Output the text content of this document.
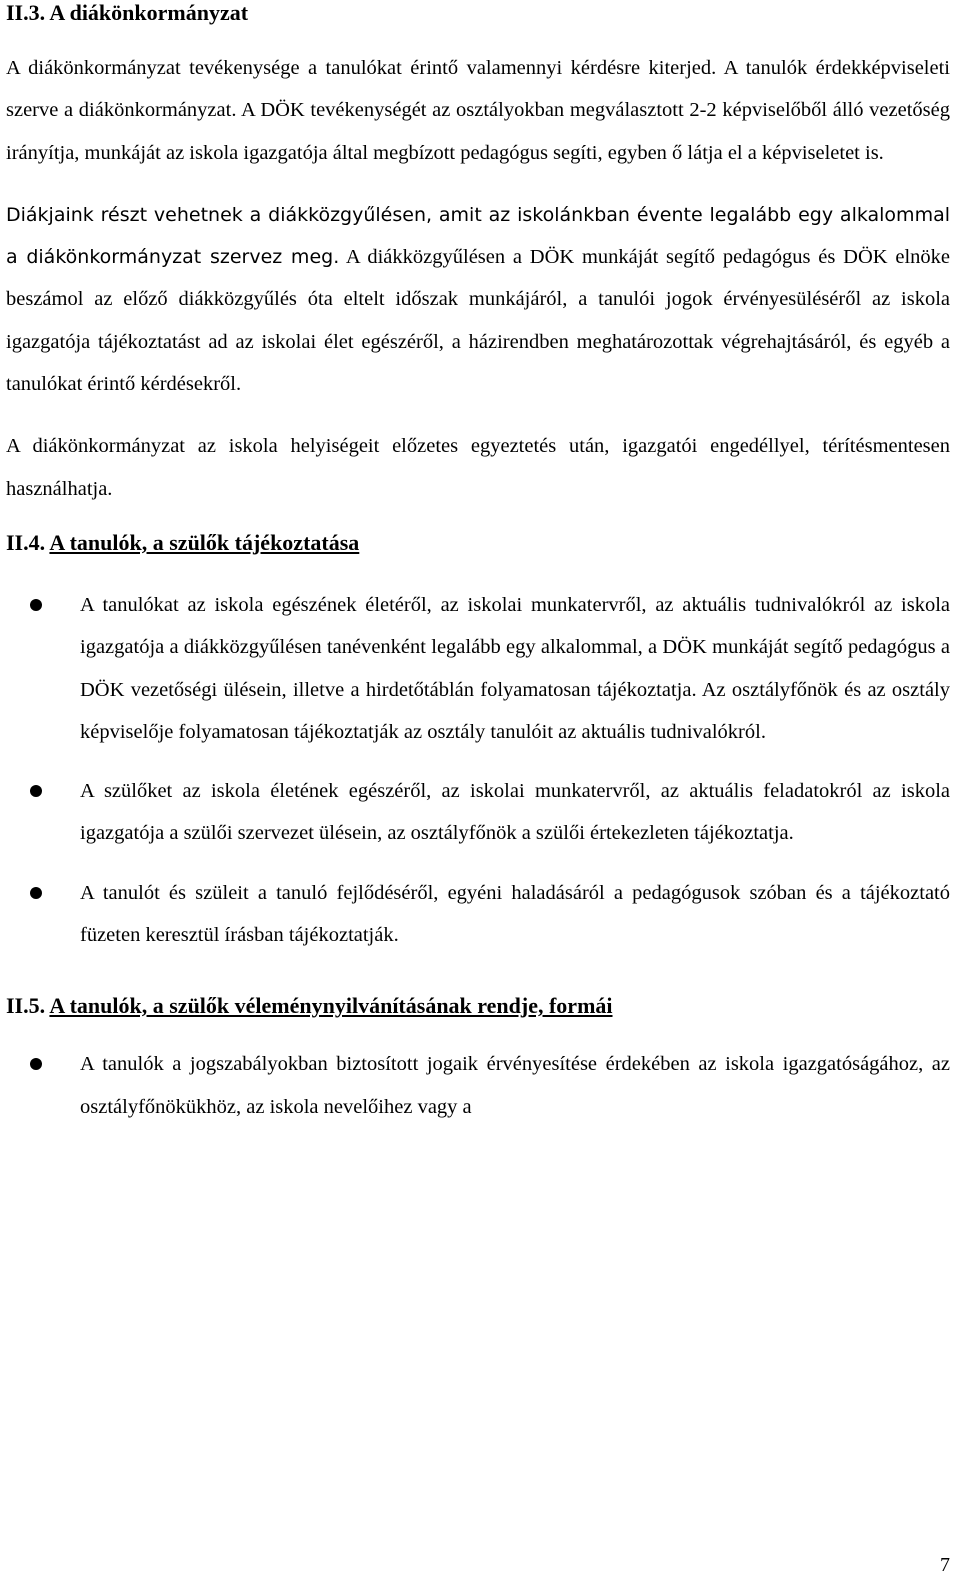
II.3. A diákönkormányzat

A diákönkormányzat tevékenysége a tanulókat érintő valamennyi kérdésre kiterjed. A tanulók érdekképviseleti szerve a diákönkormányzat. A DÖK tevékenységét az osztályokban megválasztott 2-2 képviselőből álló vezetőség irányítja, munkáját az iskola igazgatója által megbízott pedagógus segíti, egyben ő látja el a képviseletet is.

Diákjaink részt vehetnek a diákközgyűlésen, amit az iskolánkban évente legalább egy alkalommal a diákönkormányzat szervez meg. A diákközgyűlésen a DÖK munkáját segítő pedagógus és DÖK elnöke beszámol az előző diákközgyűlés óta eltelt időszak munkájáról, a tanulói jogok érvényesüléséről az iskola igazgatója tájékoztatást ad az iskolai élet egészéről, a házirendben meghatározottak végrehajtásáról, és egyéb a tanulókat érintő kérdésekről.

A diákönkormányzat az iskola helyiségeit előzetes egyeztetés után, igazgatói engedéllyel, térítésmentesen használhatja.

II.4. A tanulók, a szülők tájékoztatása

A tanulókat az iskola egészének életéről, az iskolai munkatervről, az aktuális tudnivalókról az iskola igazgatója a diákközgyűlésen tanévenként legalább egy alkalommal, a DÖK munkáját segítő pedagógus a DÖK vezetőségi ülésein, illetve a hirdetőtáblán folyamatosan tájékoztatja. Az osztályfőnök és az osztály képviselője folyamatosan tájékoztatják az osztály tanulóit az aktuális tudnivalókról.

A szülőket az iskola életének egészéről, az iskolai munkatervről, az aktuális feladatokról az iskola igazgatója a szülői szervezet ülésein, az osztályfőnök a szülői értekezleten tájékoztatja.

A tanulót és szüleit a tanuló fejlődéséről, egyéni haladásáról a pedagógusok szóban és a tájékoztató füzeten keresztül írásban tájékoztatják.

II.5. A tanulók, a szülők véleménynyilvánításának rendje, formái

A tanulók a jogszabályokban biztosított jogaik érvényesítése érdekében az iskola igazgatóságához, az osztályfőnökükhöz, az iskola nevelőihez vagy a

7
